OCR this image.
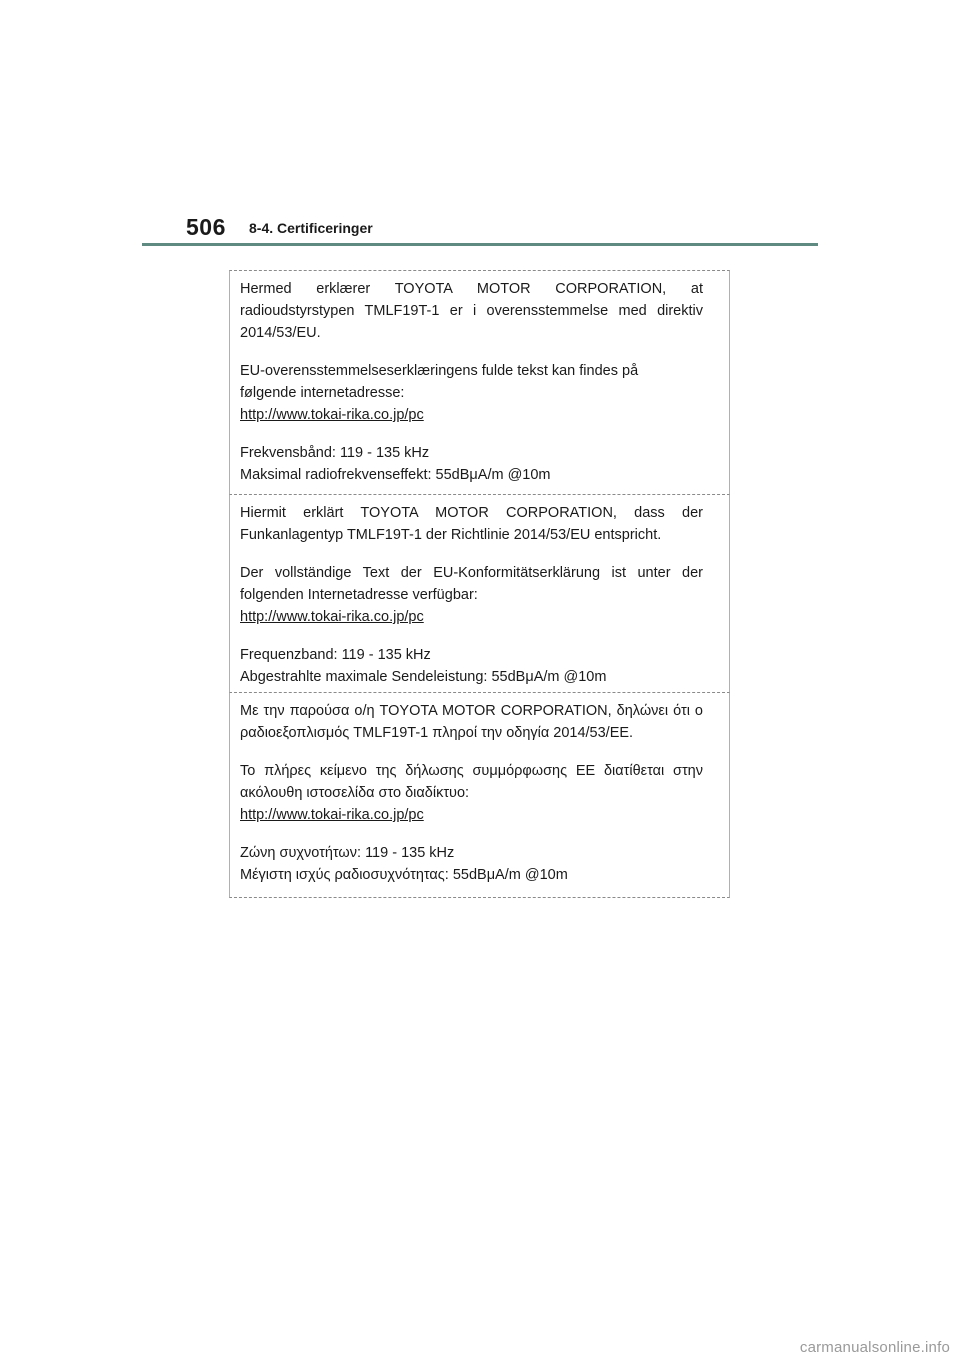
506 8-4. Certificeringer

Hermed erklærer TOYOTA MOTOR CORPORATION, at radioudstyrstypen TMLF19T-1 er i overensstemmelse med direktiv 2014/53/EU.

EU-overensstemmelseserklæringens fulde tekst kan findes på
følgende internetadresse:
http://www.tokai-rika.co.jp/pc

Frekvensbånd: 119 - 135 kHz
Maksimal radiofrekvenseffekt: 55dBμA/m @10m

Hiermit erklärt TOYOTA MOTOR CORPORATION, dass der Funkanlagentyp TMLF19T-1 der Richtlinie 2014/53/EU entspricht.

Der vollständige Text der EU-Konformitätserklärung ist unter der folgenden Internetadresse verfügbar:
http://www.tokai-rika.co.jp/pc

Frequenzband: 119 - 135 kHz
Abgestrahlte maximale Sendeleistung: 55dBμA/m @10m

Με την παρούσα ο/η TOYOTA MOTOR CORPORATION, δηλώνει ότι ο ραδιοεξοπλισμός TMLF19T-1 πληροί την οδηγία 2014/53/ΕΕ.

Το πλήρες κείμενο της δήλωσης συμμόρφωσης ΕΕ διατίθεται στην ακόλουθη ιστοσελίδα στο διαδίκτυο:
http://www.tokai-rika.co.jp/pc

Ζώνη συχνοτήτων: 119 - 135 kHz
Μέγιστη ισχύς ραδιοσυχνότητας: 55dBμA/m @10m

carmanualsonline.info
